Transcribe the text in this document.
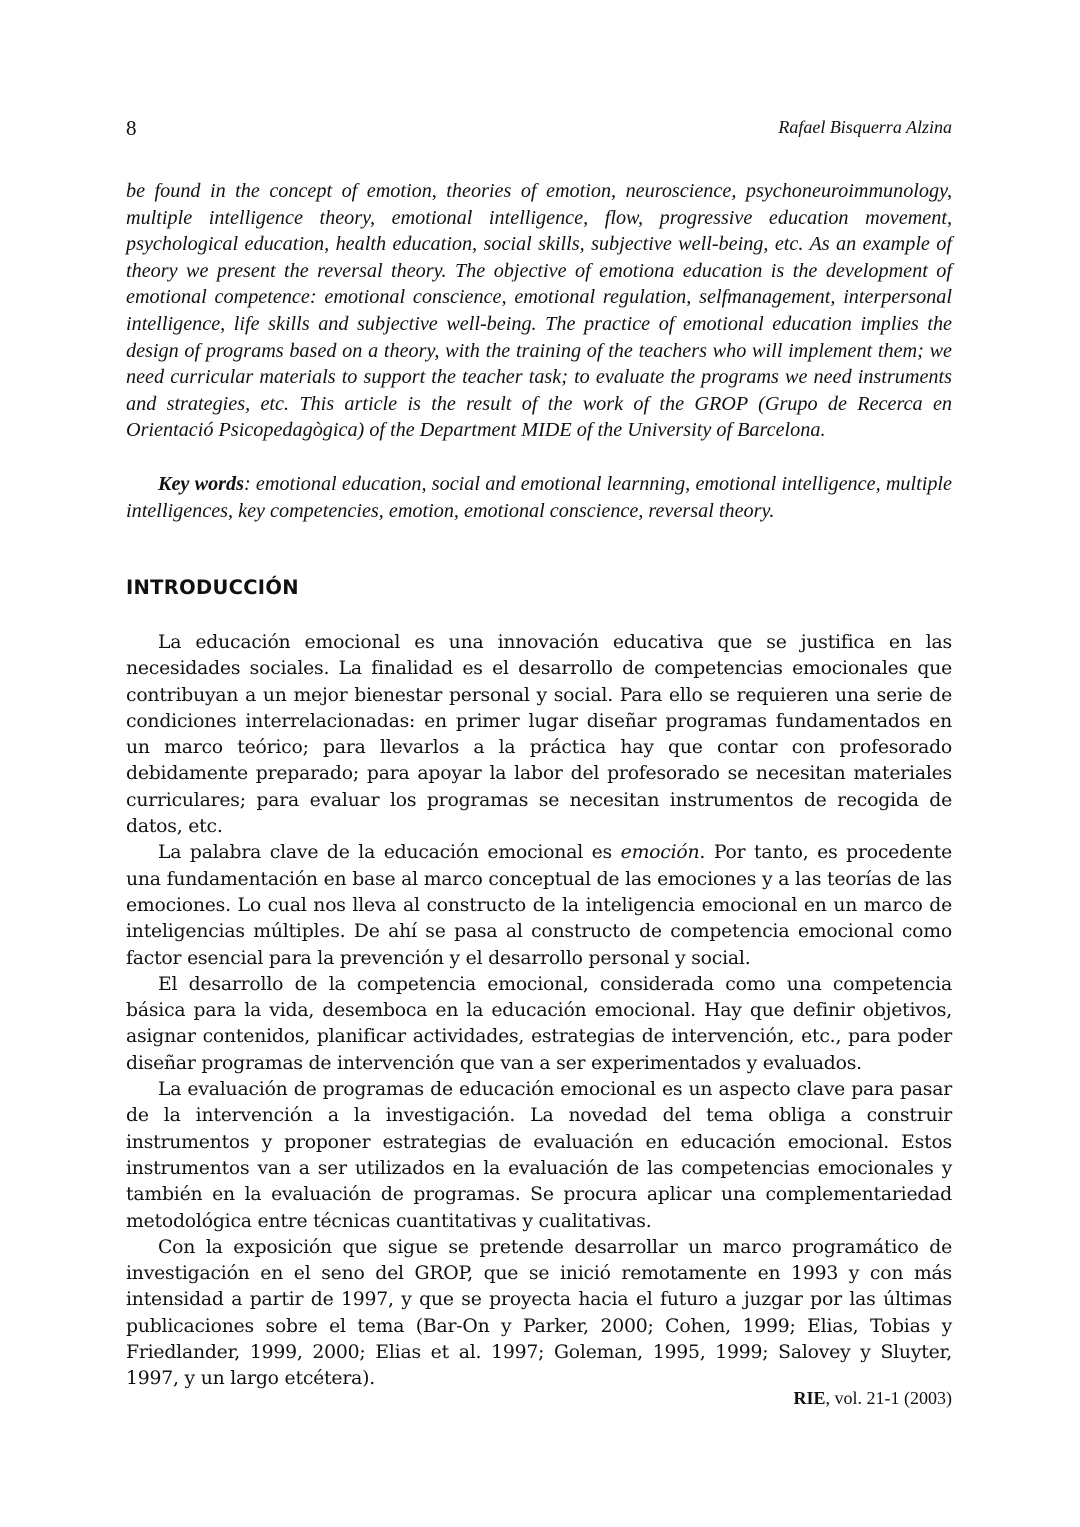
8	Rafael Bisquerra Alzina

be found in the concept of emotion, theories of emotion, neuroscience, psychoneuroimmunology, multiple intelligence theory, emotional intelligence, flow, progressive education movement, psychological education, health education, social skills, subjective well-being, etc. As an example of theory we present the reversal theory. The objective of emotiona education is the development of emotional competence: emotional conscience, emotional regulation, selfmanagement, interpersonal intelligence, life skills and subjective well-being. The practice of emotional education implies the design of programs based on a theory, with the training of the teachers who will implement them; we need curricular materials to support the teacher task; to evaluate the programs we need instruments and strategies, etc. This article is the result of the work of the GROP (Grupo de Recerca en Orientació Psicopedagògica) of the Department MIDE of the University of Barcelona.

Key words: emotional education, social and emotional learnning, emotional intelligence, multiple intelligences, key competencies, emotion, emotional conscience, reversal theory.

INTRODUCCIÓN

La educación emocional es una innovación educativa que se justifica en las necesidades sociales. La finalidad es el desarrollo de competencias emocionales que contribuyan a un mejor bienestar personal y social. Para ello se requieren una serie de condiciones interrelacionadas: en primer lugar diseñar programas fundamentados en un marco teórico; para llevarlos a la práctica hay que contar con profesorado debidamente preparado; para apoyar la labor del profesorado se necesitan materiales curriculares; para evaluar los programas se necesitan instrumentos de recogida de datos, etc.

La palabra clave de la educación emocional es emoción. Por tanto, es procedente una fundamentación en base al marco conceptual de las emociones y a las teorías de las emociones. Lo cual nos lleva al constructo de la inteligencia emocional en un marco de inteligencias múltiples. De ahí se pasa al constructo de competencia emocional como factor esencial para la prevención y el desarrollo personal y social.

El desarrollo de la competencia emocional, considerada como una competencia básica para la vida, desemboca en la educación emocional. Hay que definir objetivos, asignar contenidos, planificar actividades, estrategias de intervención, etc., para poder diseñar programas de intervención que van a ser experimentados y evaluados.

La evaluación de programas de educación emocional es un aspecto clave para pasar de la intervención a la investigación. La novedad del tema obliga a construir instrumentos y proponer estrategias de evaluación en educación emocional. Estos instrumentos van a ser utilizados en la evaluación de las competencias emocionales y también en la evaluación de programas. Se procura aplicar una complementariedad metodológica entre técnicas cuantitativas y cualitativas.

Con la exposición que sigue se pretende desarrollar un marco programático de investigación en el seno del GROP, que se inició remotamente en 1993 y con más intensidad a partir de 1997, y que se proyecta hacia el futuro a juzgar por las últimas publicaciones sobre el tema (Bar-On y Parker, 2000; Cohen, 1999; Elias, Tobias y Friedlander, 1999, 2000; Elias et al. 1997; Goleman, 1995, 1999; Salovey y Sluyter, 1997, y un largo etcétera).

RIE, vol. 21-1 (2003)
